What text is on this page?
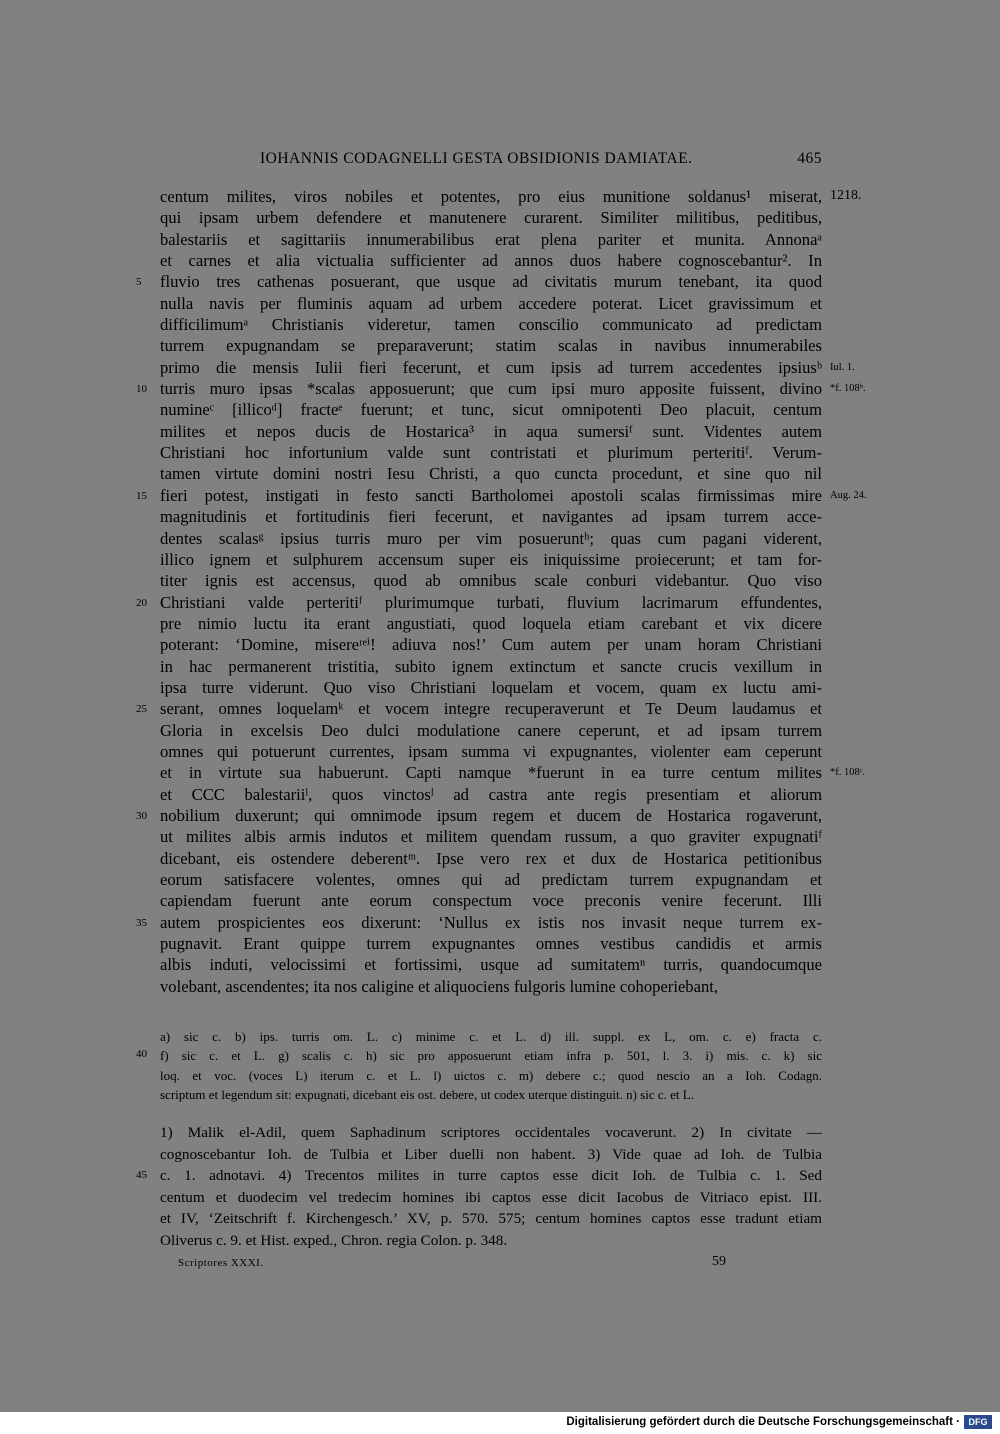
IOHANNIS CODAGNELLI GESTA OBSIDIONIS DAMIATAE.	465
centum milites, viros nobiles et potentes, pro eius munitione soldanus¹ miserat,
qui ipsam urbem defendere et manutenere curarent. Similiter militibus, peditibus,
balestariis et sagittariis innumerabilibus erat plena pariter et munita. Annonaᵃ
et carnes et alia victualia sufficienter ad annos duos habere cognoscebantur². In
fluvio tres cathenas posuerant, que usque ad civitatis murum tenebant, ita quod
nulla navis per fluminis aquam ad urbem accedere poterat. Licet gravissimum et
difficilimumᵃ Christianis videretur, tamen conscilio communicato ad predictam
turrem expugnandam se preparaverunt; statim scalas in navibus innumerabiles
primo die mensis Iulii fieri fecerunt, et cum ipsis ad turrem accedentes ipsiusᵇ
turris muro ipsas *scalas apposuerunt; que cum ipsi muro apposite fuissent, divino
numineᶜ [illicoᵈ] fracteᵉ fuerunt; et tunc, sicut omnipotenti Deo placuit, centum
milites et nepos ducis de Hostarica³ in aqua sumersiᶠ sunt. Videntes autem
Christiani hoc infortunium valde sunt contristati et plurimum perteritiᶠ. Verum-
tamen virtute domini nostri Iesu Christi, a quo cuncta procedunt, et sine quo nil
fieri potest, instigati in festo sancti Bartholomei apostoli scalas firmissimas mire
magnitudinis et fortitudinis fieri fecerunt, et navigantes ad ipsam turrem acce-
dentes scalasᵍ ipsius turris muro per vim posueruntʰ; quas cum pagani viderent,
illico ignem et sulphurem accensum super eis iniquissime proiecerunt; et tam for-
titer ignis est accensus, quod ab omnibus scale conburi videbantur. Quo viso
Christiani valde perteritiᶠ plurimumque turbati, fluvium lacrimarum effundentes,
pre nimio luctu ita erant angustiati, quod loquela etiam carebant et vix dicere
poterant: ‘Domine, misereʳᵉⁱ! adiuva nos!’ Cum autem per unam horam Christiani
in hac permanerent tristitia, subito ignem extinctum et sancte crucis vexillum in
ipsa turre viderunt. Quo viso Christiani loquelam et vocem, quam ex luctu ami-
serant, omnes loquelamᵏ et vocem integre recuperaverunt et Te Deum laudamus et
Gloria in excelsis Deo dulci modulatione canere ceperunt, et ad ipsam turrem
omnes qui potuerunt currentes, ipsam summa vi expugnantes, violenter eam ceperunt
et in virtute sua habuerunt. Capti namque *fuerunt in ea turre centum milites
et CCC balestariiˡ, quos vinctosˡ ad castra ante regis presentiam et aliorum
nobilium duxerunt; qui omnimode ipsum regem et ducem de Hostarica rogaverunt,
ut milites albis armis indutos et militem quendam russum, a quo graviter expugnatiᶠ
dicebant, eis ostendere deberentᵐ. Ipse vero rex et dux de Hostarica petitionibus
eorum satisfacere volentes, omnes qui ad predictam turrem expugnandam et
capiendam fuerunt ante eorum conspectum voce preconis venire fecerunt. Illi
autem prospicientes eos dixerunt: ‘Nullus ex istis nos invasit neque turrem ex-
pugnavit. Erant quippe turrem expugnantes omnes vestibus candidis et armis
albis induti, velocissimi et fortissimi, usque ad sumitatemⁿ turris, quandocumque
volebant, ascendentes; ita nos caligine et aliquociens fulgoris lumine cohoperiebant,
5
10
15
20
25
30
35
1218.
Iul. 1.
*f. 108ᵇ.
Aug. 24.
*f. 108ᶜ.
a) sic c. b) ips. turris om. L. c) minime c. et L. d) ill. suppl. ex L, om. c. e) fracta c.
f) sic c. et L. g) scalis c. h) sic pro apposuerunt etiam infra p. 501, l. 3. i) mis. c. k) sic
loq. et voc. (voces L) iterum c. et L. l) uictos c. m) debere c.; quod nescio an a Ioh. Codagn.
scriptum et legendum sit: expugnati, dicebant eis ost. debere, ut codex uterque distinguit. n) sic c. et L.
40
1) Malik el-Adil, quem Saphadinum scriptores occidentales vocaverunt. 2) In civitate —
cognoscebantur Ioh. de Tulbia et Liber duelli non habent. 3) Vide quae ad Ioh. de Tulbia
c. 1. adnotavi. 4) Trecentos milites in turre captos esse dicit Ioh. de Tulbia c. 1. Sed
centum et duodecim vel tredecim homines ibi captos esse dicit Iacobus de Vitriaco epist. III.
et IV, ‘Zeitschrift f. Kirchengesch.’ XV, p. 570. 575; centum homines captos esse tradunt etiam
Oliverus c. 9. et Hist. exped., Chron. regia Colon. p. 348.
45
Scriptores XXXI.	59
Digitalisierung gefördert durch die Deutsche Forschungsgemeinschaft · DFG
